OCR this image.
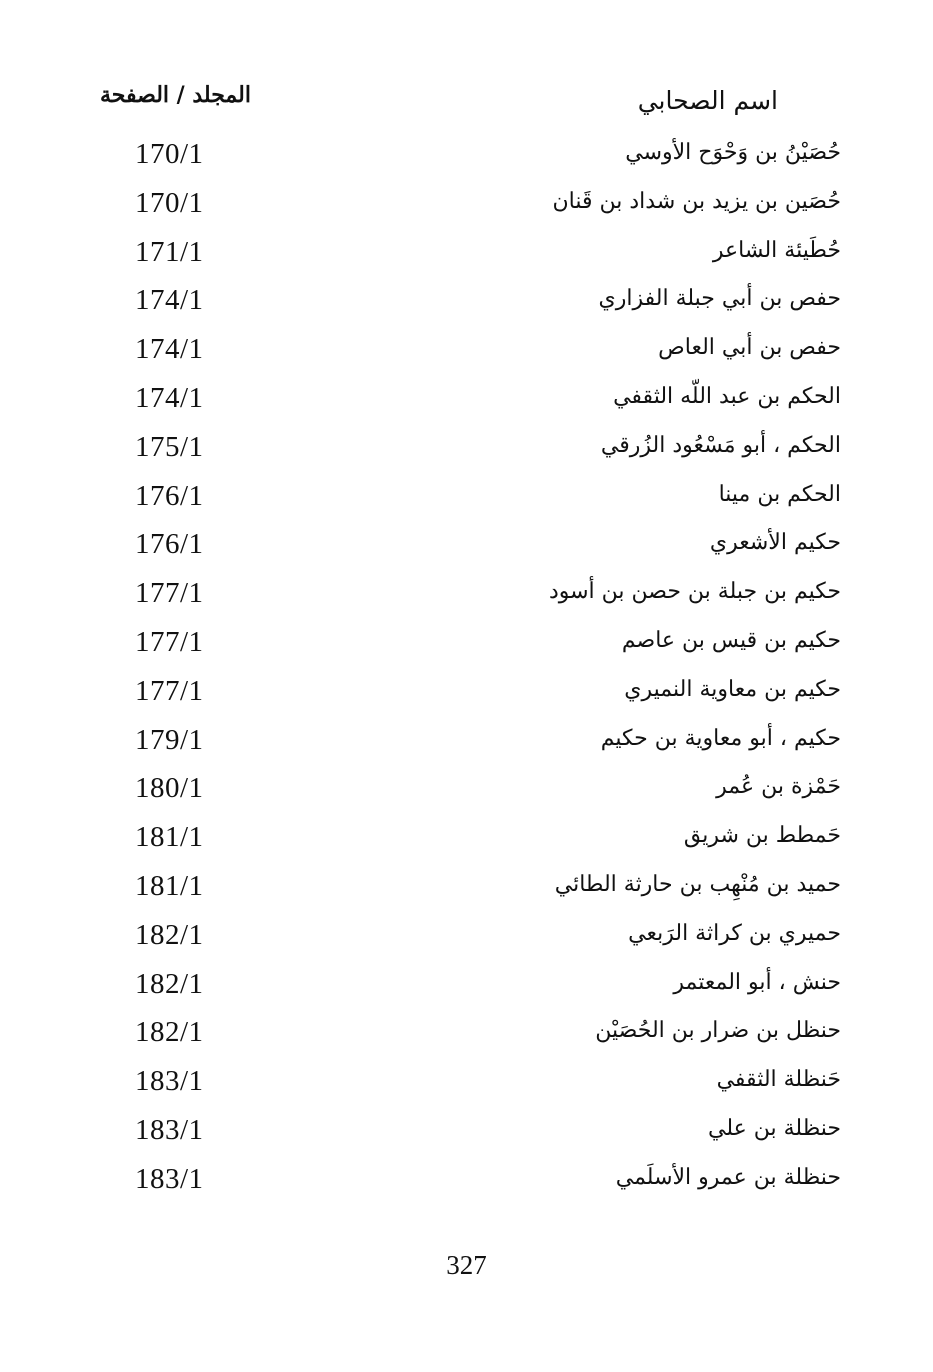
اسم الصحابي
المجلد / الصفحة
حُصَيْنُ بن وَحْوَح الأوسي
170/1
حُصَين بن يزيد بن شداد بن قَنان
170/1
حُطَيئة الشاعر
171/1
حفص بن أبي جبلة الفزاري
174/1
حفص بن أبي العاص
174/1
الحكم بن عبد اللّه الثقفي
174/1
الحكم ، أبو مَسْعُود الزُرقي
175/1
الحكم بن مينا
176/1
حكيم الأشعري
176/1
حكيم بن جبلة بن حصن بن أسود
177/1
حكيم بن قيس بن عاصم
177/1
حكيم بن معاوية النميري
177/1
حكيم ، أبو معاوية بن حكيم
179/1
حَمْزة بن عُمر
180/1
حَمطط بن شريق
181/1
حميد بن مُنْهِب بن حارثة الطائي
181/1
حميري بن كراثة الرَبعي
182/1
حنش ، أبو المعتمر
182/1
حنظل بن ضرار بن الحُصَيْن
182/1
حَنظلة الثقفي
183/1
حنظلة بن علي
183/1
حنظلة بن عمرو الأسلَمي
183/1
327
